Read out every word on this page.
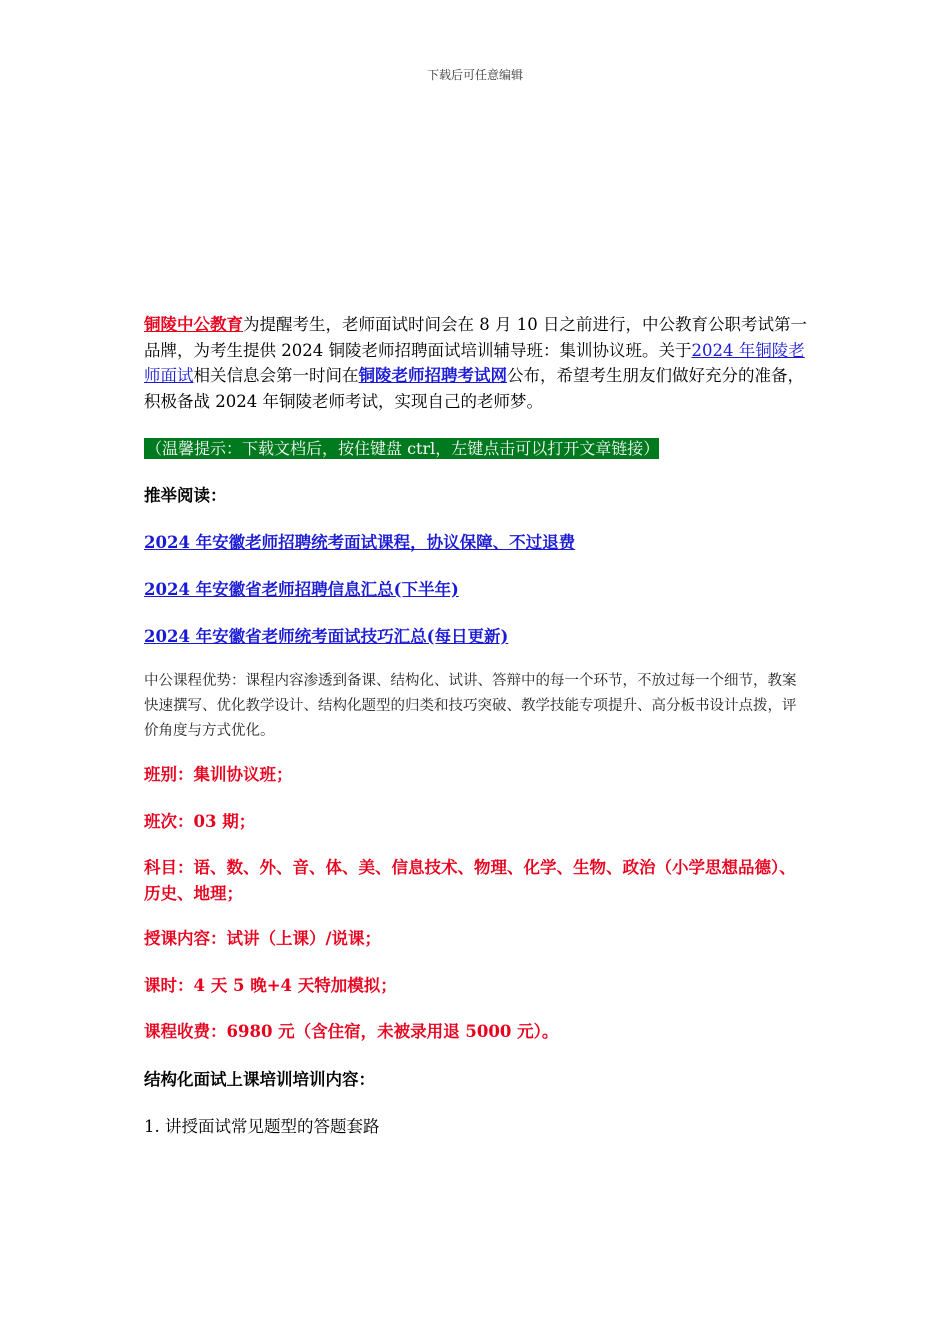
下载后可任意编辑

铜陵中公教育为提醒考生，老师面试时间会在 8 月 10 日之前进行，中公教育公职考试第一品牌，为考生提供 2024 铜陵老师招聘面试培训辅导班：集训协议班。关于2024 年铜陵老师面试相关信息会第一时间在铜陵老师招聘考试网公布，希望考生朋友们做好充分的准备，积极备战 2024 年铜陵老师考试，实现自己的老师梦。

（温馨提示：下载文档后，按住键盘 ctrl，左键点击可以打开文章链接）

推举阅读：

2024 年安徽老师招聘统考面试课程，协议保障、不过退费

2024 年安徽省老师招聘信息汇总(下半年)

2024 年安徽省老师统考面试技巧汇总(每日更新)

中公课程优势：课程内容渗透到备课、结构化、试讲、答辩中的每一个环节，不放过每一个细节，教案快速撰写、优化教学设计、结构化题型的归类和技巧突破、教学技能专项提升、高分板书设计点拨，评价角度与方式优化。

班别：集训协议班；

班次：03 期；

科目：语、数、外、音、体、美、信息技术、物理、化学、生物、政治（小学思想品德）、历史、地理；

授课内容：试讲（上课）/说课；

课时：4 天 5 晚+4 天特加模拟；

课程收费：6980 元（含住宿，未被录用退 5000 元）。

结构化面试上课培训培训内容：

1. 讲授面试常见题型的答题套路
